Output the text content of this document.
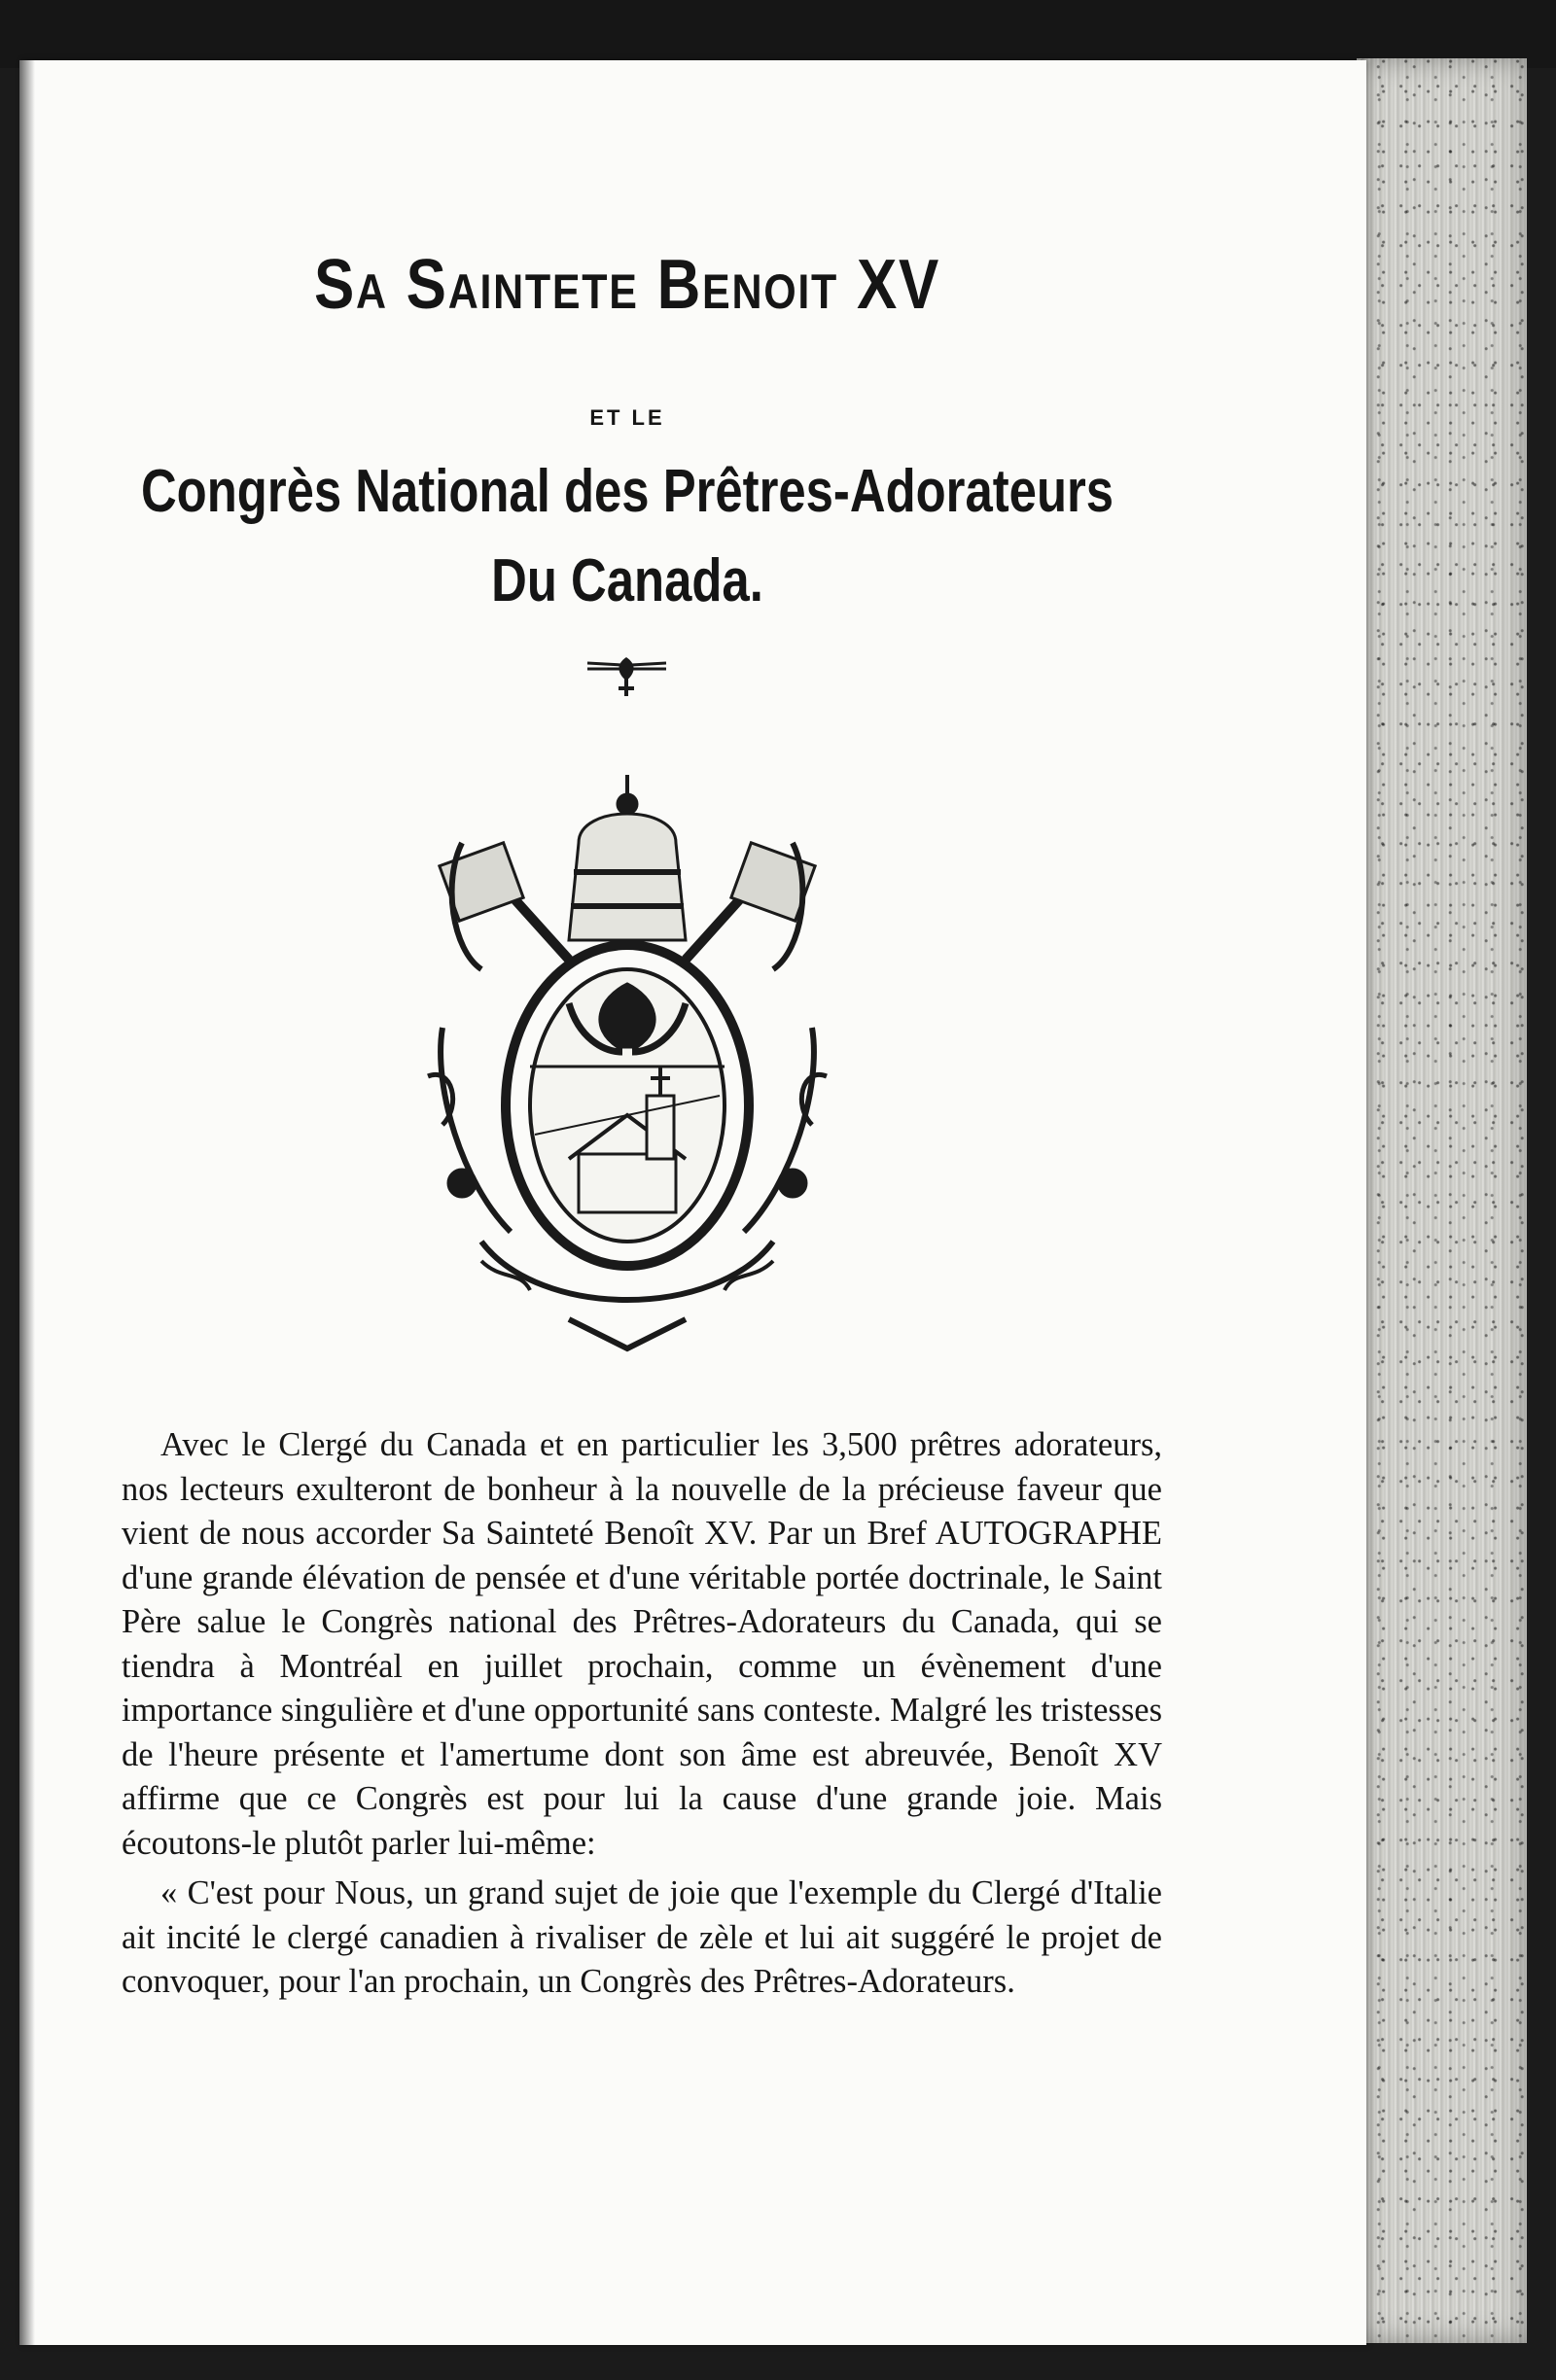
Sa Saintete Benoit XV
ET LE
Congrès National des Prêtres-Adorateurs
Du Canada.

Avec le Clergé du Canada et en particulier les 3,500 prêtres adorateurs, nos lecteurs exulteront de bonheur à la nouvelle de la précieuse faveur que vient de nous accorder Sa Sainteté Benoît XV. Par un Bref AUTOGRAPHE d'une grande élévation de pensée et d'une véritable portée doctrinale, le Saint Père salue le Congrès national des Prêtres-Adorateurs du Canada, qui se tiendra à Montréal en juillet prochain, comme un évènement d'une importance singulière et d'une opportunité sans conteste. Malgré les tristesses de l'heure présente et l'amertume dont son âme est abreuvée, Benoît XV affirme que ce Congrès est pour lui la cause d'une grande joie. Mais écoutons-le plutôt parler lui-même:

« C'est pour Nous, un grand sujet de joie que l'exemple du Clergé d'Italie ait incité le clergé canadien à rivaliser de zèle et lui ait suggéré le projet de convoquer, pour l'an prochain, un Congrès des Prêtres-Adorateurs.
